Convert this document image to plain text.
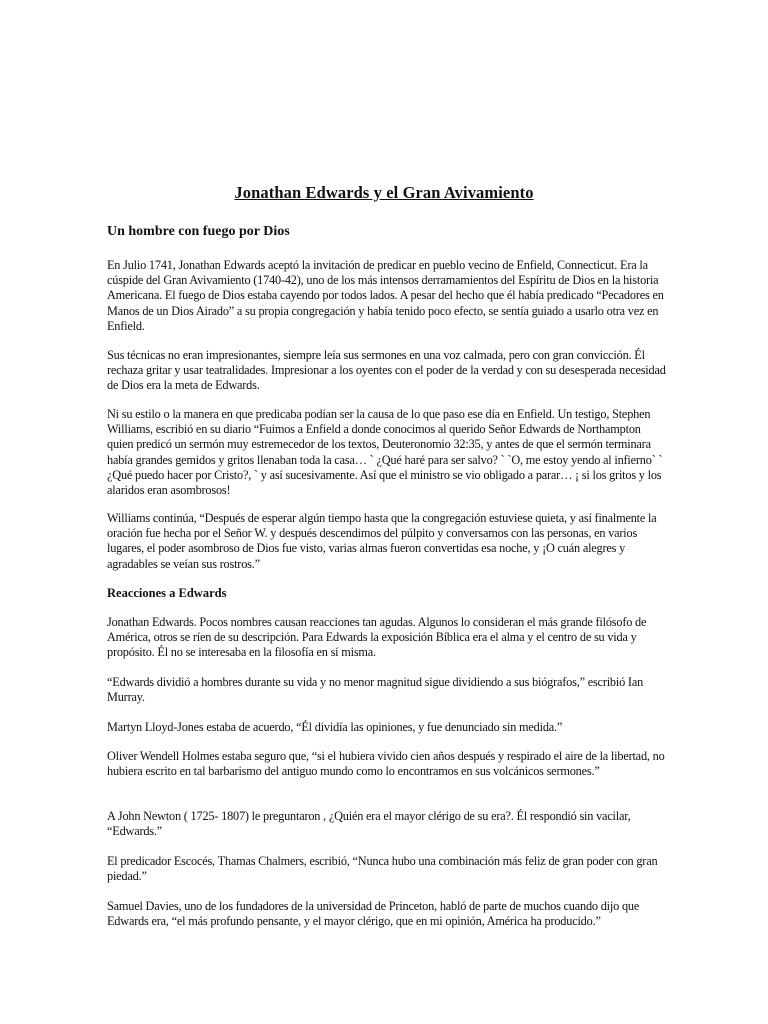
Jonathan Edwards y el Gran Avivamiento
Un hombre con fuego por Dios

En Julio 1741, Jonathan Edwards aceptó la invitación de predicar en pueblo vecino de Enfield, Connecticut. Era la cúspide del Gran Avivamiento (1740-42), uno de los más intensos derramamientos del Espíritu de Dios en la historia Americana. El fuego de Dios estaba cayendo por todos lados. A pesar del hecho que él había predicado “Pecadores en Manos de un Dios Airado” a su propia congregación y había tenido poco efecto, se sentía guiado a usarlo otra vez en Enfield.

Sus técnicas no eran impresionantes, siempre leía sus sermones en una voz calmada, pero con gran convicción. Él rechaza gritar y usar teatralidades. Impresionar a los oyentes con el poder de la verdad y con su desesperada necesidad de Dios era la meta de Edwards.

Ni su estilo o la manera en que predicaba podían ser la causa de lo que paso ese día en Enfield. Un testigo, Stephen Williams, escribió en su diario “Fuimos a Enfield a donde conocimos al querido Señor Edwards de Northampton quien predicó un sermón muy estremecedor de los textos, Deuteronomio 32:35, y antes de que el sermón terminara había grandes gemidos y gritos llenaban toda la casa… ` ¿Qué haré para ser salvo? ` `O, me estoy yendo al infierno` ` ¿Qué puedo hacer por Cristo?, ` y así sucesivamente. Así que el ministro se vio obligado a parar… ¡ si los gritos y los alaridos eran asombrosos!

Williams continúa, “Después de esperar algún tiempo hasta que la congregación estuviese quieta, y así finalmente la oración fue hecha por el Señor W. y después descendimos del púlpito y conversamos con las personas, en varios lugares, el poder asombroso de Dios fue visto, varias almas fueron convertidas esa noche, y ¡O cuán alegres y agradables se veían sus rostros.”

Reacciones a Edwards

Jonathan Edwards. Pocos nombres causan reacciones tan agudas. Algunos lo consideran el más grande filósofo de América, otros se ríen de su descripción. Para Edwards la exposición Bíblica era el alma y el centro de su vida y propósito. Él no se interesaba en la filosofía en sí misma.

“Edwards dividió a hombres durante su vida y no menor magnitud sigue dividiendo a sus biógrafos,” escribió Ian Murray.

Martyn Lloyd-Jones estaba de acuerdo, “Él dividía las opiniones, y fue denunciado sin medida.”

Oliver Wendell Holmes estaba seguro que, “si el hubiera vivido cien años después y respirado el aire de la libertad, no hubiera escrito en tal barbarismo del antiguo mundo como lo encontramos en sus volcánicos sermones.”

A John Newton ( 1725- 1807) le preguntaron , ¿Quién era el mayor clérigo de su era?. Él respondió sin vacilar, “Edwards.”

El predicador Escocés, Thamas Chalmers, escribió, “Nunca hubo una combinación más feliz de gran poder con gran piedad.”

Samuel Davies, uno de los fundadores de la universidad de Princeton, habló de parte de muchos cuando dijo que Edwards era, “el más profundo pensante, y el mayor clérigo, que en mi opinión, América ha producido.”
